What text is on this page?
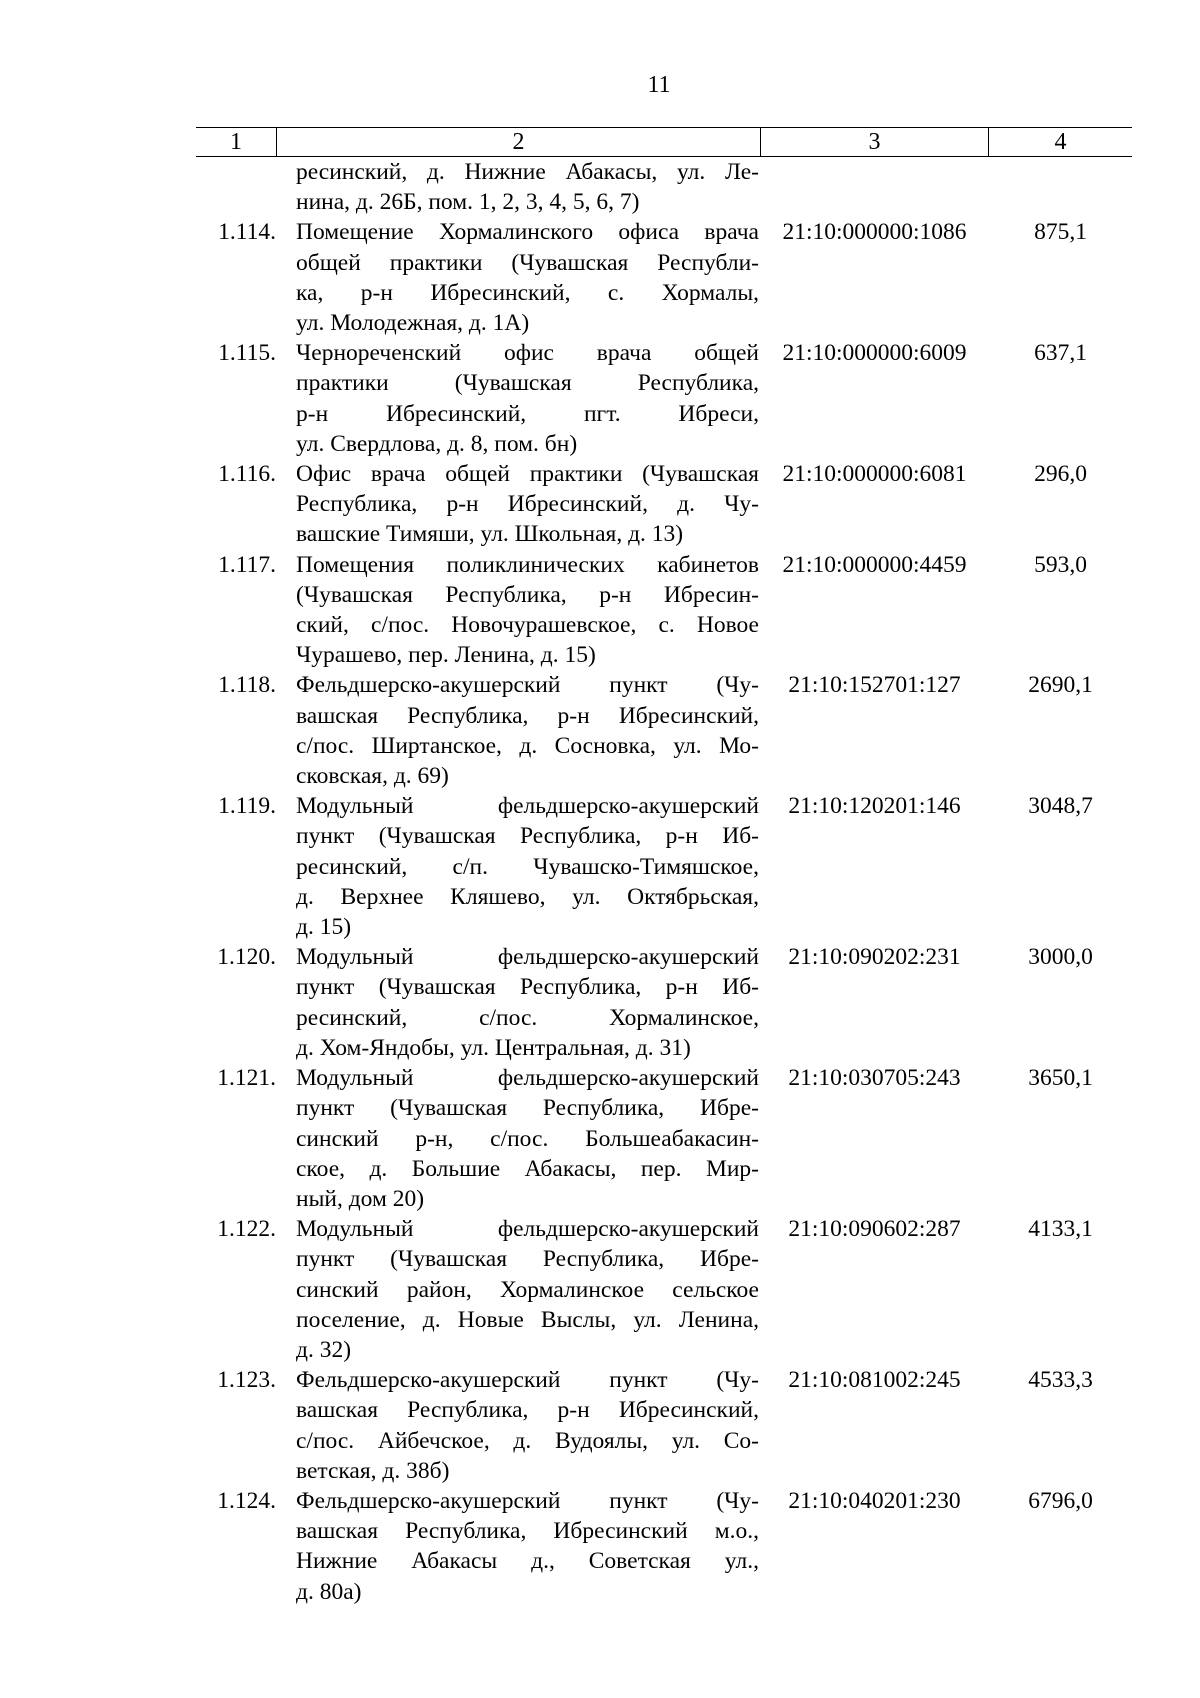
11
1	2	3	4
ресинский, д. Нижние Абакасы, ул. Ле-
нина, д. 26Б, пом. 1, 2, 3, 4, 5, 6, 7)
1.114. Помещение Хормалинского офиса врача
общей практики (Чувашская Республи-
ка, р-н Ибресинский, с. Хормалы,
ул. Молодежная, д. 1А)
21:10:000000:1086	875,1
1.115. Чернореченский офис врача общей
практики (Чувашская Республика,
р-н Ибресинский, пгт. Ибреси,
ул. Свердлова, д. 8, пом. бн)
21:10:000000:6009	637,1
1.116. Офис врача общей практики (Чувашская
Республика, р-н Ибресинский, д. Чу-
вашские Тимяши, ул. Школьная, д. 13)
21:10:000000:6081	296,0
1.117. Помещения поликлинических кабинетов
(Чувашская Республика, р-н Ибресин-
ский, с/пос. Новочурашевское, с. Новое
Чурашево, пер. Ленина, д. 15)
21:10:000000:4459	593,0
1.118. Фельдшерско-акушерский пункт (Чу-
вашская Республика, р-н Ибресинский,
с/пос. Ширтанское, д. Сосновка, ул. Мо-
сковская, д. 69)
21:10:152701:127	2690,1
1.119. Модульный фельдшерско-акушерский
пункт (Чувашская Республика, р-н Иб-
ресинский, с/п. Чувашско-Тимяшское,
д. Верхнее Кляшево, ул. Октябрьская,
д. 15)
21:10:120201:146	3048,7
1.120. Модульный фельдшерско-акушерский
пункт (Чувашская Республика, р-н Иб-
ресинский, с/пос. Хормалинское,
д. Хом-Яндобы, ул. Центральная, д. 31)
21:10:090202:231	3000,0
1.121. Модульный фельдшерско-акушерский
пункт (Чувашская Республика, Ибре-
синский р-н, с/пос. Большеабакасин-
ское, д. Большие Абакасы, пер. Мир-
ный, дом 20)
21:10:030705:243	3650,1
1.122. Модульный фельдшерско-акушерский
пункт (Чувашская Республика, Ибре-
синский район, Хормалинское сельское
поселение, д. Новые Выслы, ул. Ленина,
д. 32)
21:10:090602:287	4133,1
1.123. Фельдшерско-акушерский пункт (Чу-
вашская Республика, р-н Ибресинский,
с/пос. Айбечское, д. Вудоялы, ул. Со-
ветская, д. 38б)
21:10:081002:245	4533,3
1.124. Фельдшерско-акушерский пункт (Чу-
вашская Республика, Ибресинский м.о.,
Нижние Абакасы д., Советская ул.,
д. 80а)
21:10:040201:230	6796,0
